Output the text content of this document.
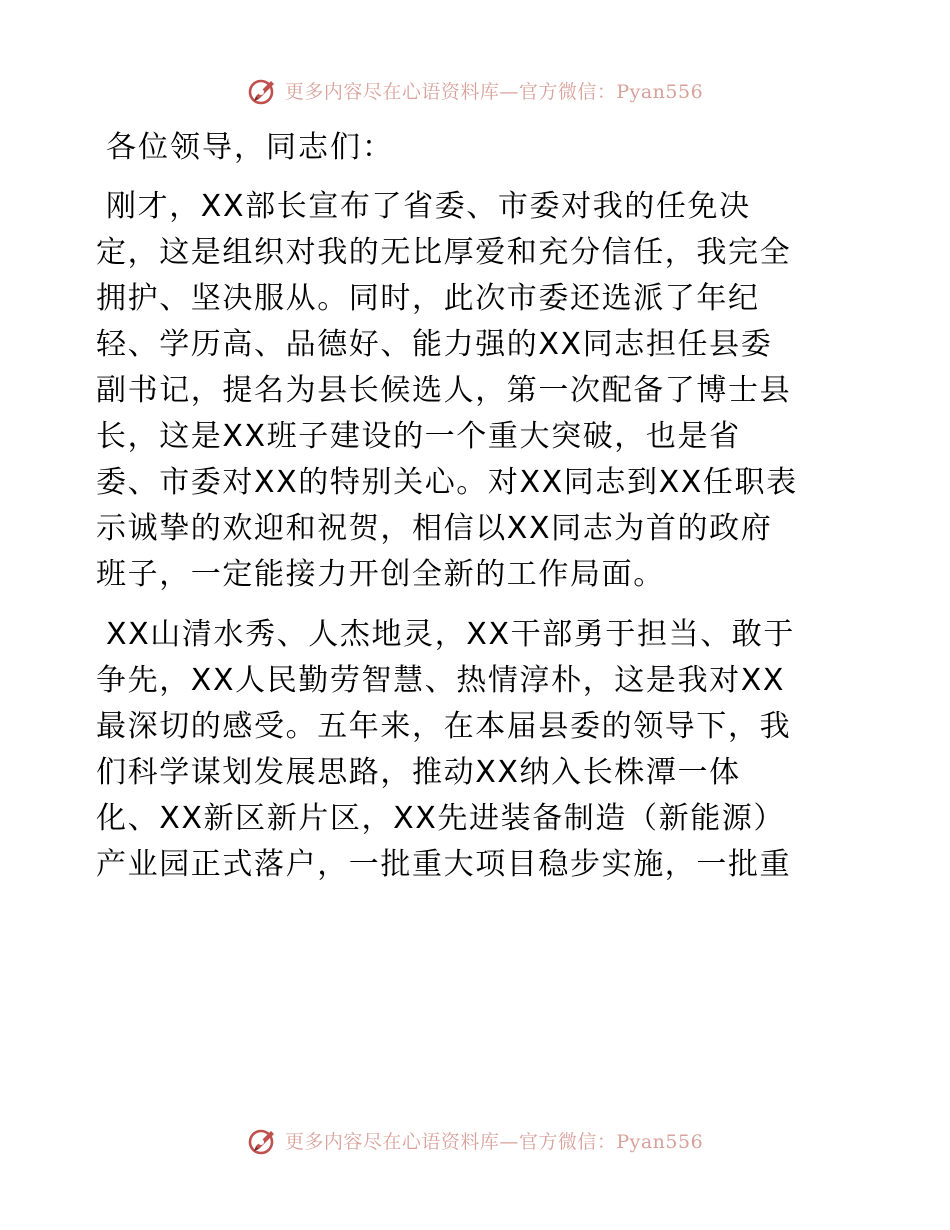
更多内容尽在心语资料库—官方微信：Pyan556
各位领导，同志们：
刚才，XX部长宣布了省委、市委对我的任免决
定，这是组织对我的无比厚爱和充分信任，我完全
拥护、坚决服从。同时，此次市委还选派了年纪
轻、学历高、品德好、能力强的XX同志担任县委
副书记，提名为县长候选人，第一次配备了博士县
长，这是XX班子建设的一个重大突破，也是省
委、市委对XX的特别关心。对XX同志到XX任职表
示诚挚的欢迎和祝贺，相信以XX同志为首的政府
班子，一定能接力开创全新的工作局面。
XX山清水秀、人杰地灵，XX干部勇于担当、敢于
争先，XX人民勤劳智慧、热情淳朴，这是我对XX
最深切的感受。五年来，在本届县委的领导下，我
们科学谋划发展思路，推动XX纳入长株潭一体
化、XX新区新片区，XX先进装备制造（新能源）
产业园正式落户，一批重大项目稳步实施，一批重
更多内容尽在心语资料库—官方微信：Pyan556
